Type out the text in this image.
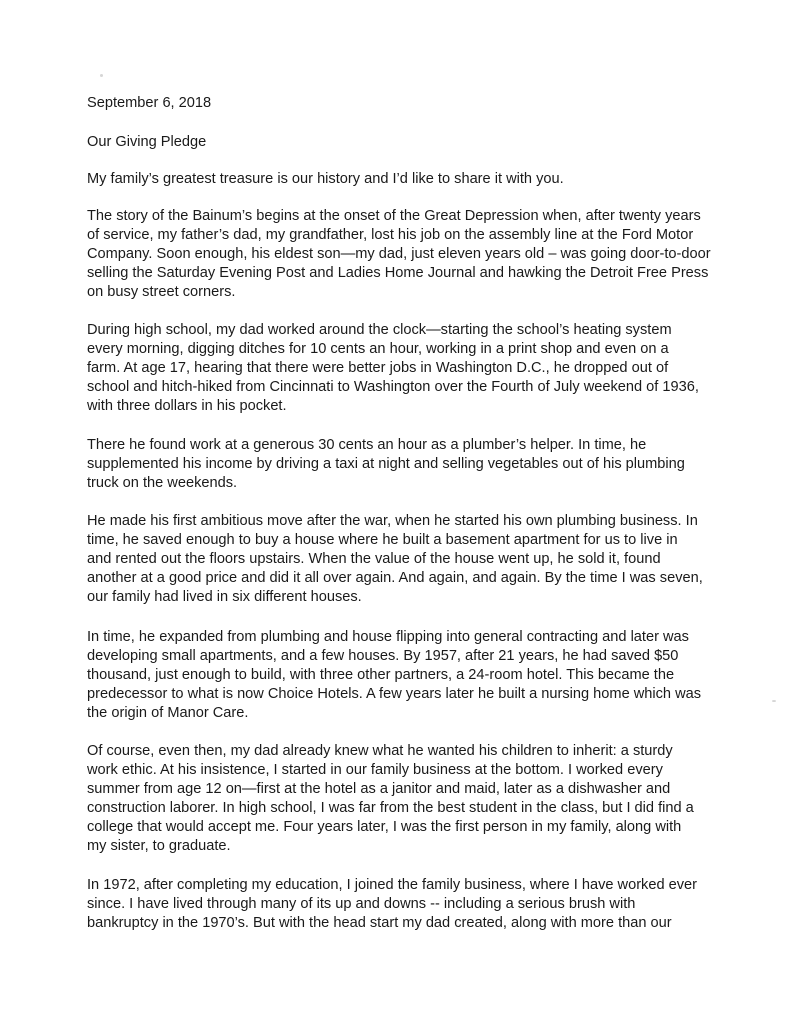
September 6, 2018
Our Giving Pledge
My family’s greatest treasure is our history and I’d like to share it with you.
The story of the Bainum’s begins at the onset of the Great Depression when, after twenty years
of service, my father’s dad, my grandfather, lost his job on the assembly line at the Ford Motor
Company. Soon enough, his eldest son—my dad, just eleven years old – was going door-to-door
selling the Saturday Evening Post and Ladies Home Journal and hawking the Detroit Free Press
on busy street corners.
During high school, my dad worked around the clock—starting the school’s heating system
every morning, digging ditches for 10 cents an hour, working in a print shop and even on a
farm. At age 17, hearing that there were better jobs in Washington D.C., he dropped out of
school and hitch-hiked from Cincinnati to Washington over the Fourth of July weekend of 1936,
with three dollars in his pocket.
There he found work at a generous 30 cents an hour as a plumber’s helper. In time, he
supplemented his income by driving a taxi at night and selling vegetables out of his plumbing
truck on the weekends.
He made his first ambitious move after the war, when he started his own plumbing business. In
time, he saved enough to buy a house where he built a basement apartment for us to live in
and rented out the floors upstairs. When the value of the house went up, he sold it, found
another at a good price and did it all over again. And again, and again. By the time I was seven,
our family had lived in six different houses.
In time, he expanded from plumbing and house flipping into general contracting and later was
developing small apartments, and a few houses. By 1957, after 21 years, he had saved $50
thousand, just enough to build, with three other partners, a 24-room hotel. This became the
predecessor to what is now Choice Hotels. A few years later he built a nursing home which was
the origin of Manor Care.
Of course, even then, my dad already knew what he wanted his children to inherit: a sturdy
work ethic. At his insistence, I started in our family business at the bottom. I worked every
summer from age 12 on—first at the hotel as a janitor and maid, later as a dishwasher and
construction laborer. In high school, I was far from the best student in the class, but I did find a
college that would accept me. Four years later, I was the first person in my family, along with
my sister, to graduate.
In 1972, after completing my education, I joined the family business, where I have worked ever
since. I have lived through many of its up and downs -- including a serious brush with
bankruptcy in the 1970’s. But with the head start my dad created, along with more than our
